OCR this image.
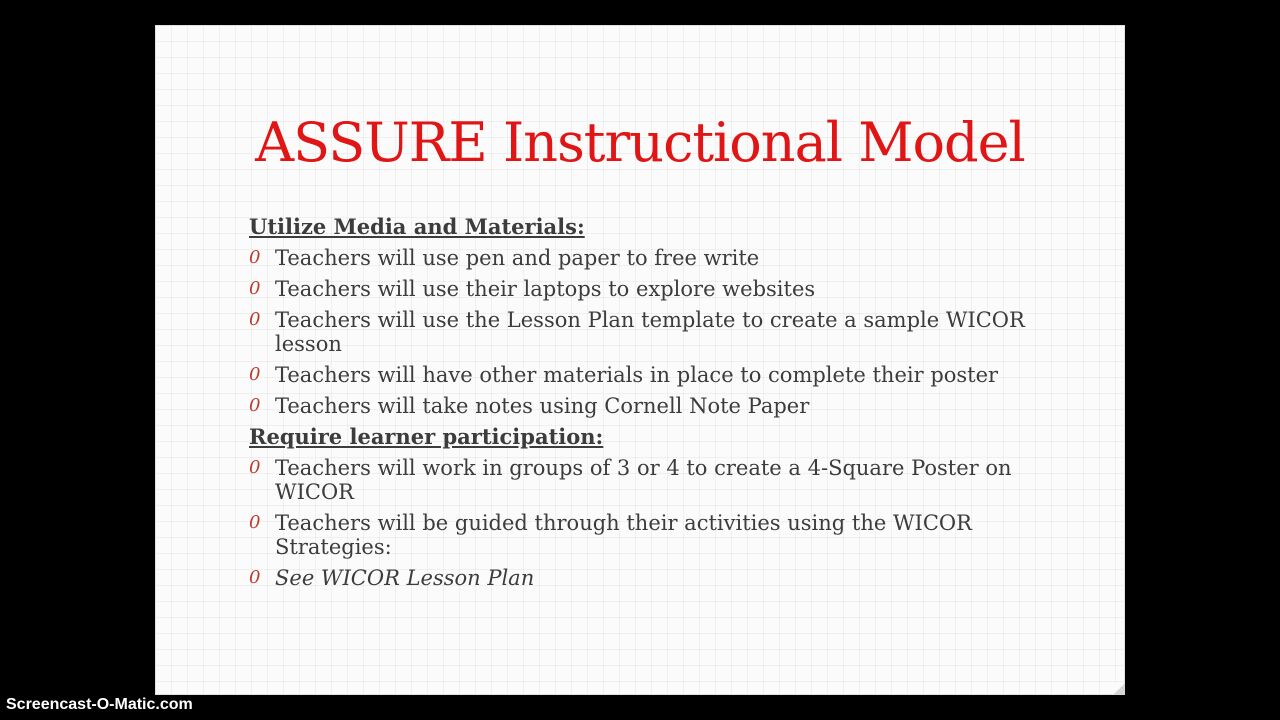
ASSURE Instructional Model
Utilize Media and Materials:
0 Teachers will use pen and paper to free write
0 Teachers will use their laptops to explore websites
0 Teachers will use the Lesson Plan template to create a sample WICOR lesson
0 Teachers will have other materials in place to complete their poster
0 Teachers will take notes using Cornell Note Paper
Require learner participation:
0 Teachers will work in groups of 3 or 4 to create a 4-Square Poster on WICOR
0 Teachers will be guided through their activities using the WICOR Strategies:
0 See WICOR Lesson Plan
Screencast-O-Matic.com
